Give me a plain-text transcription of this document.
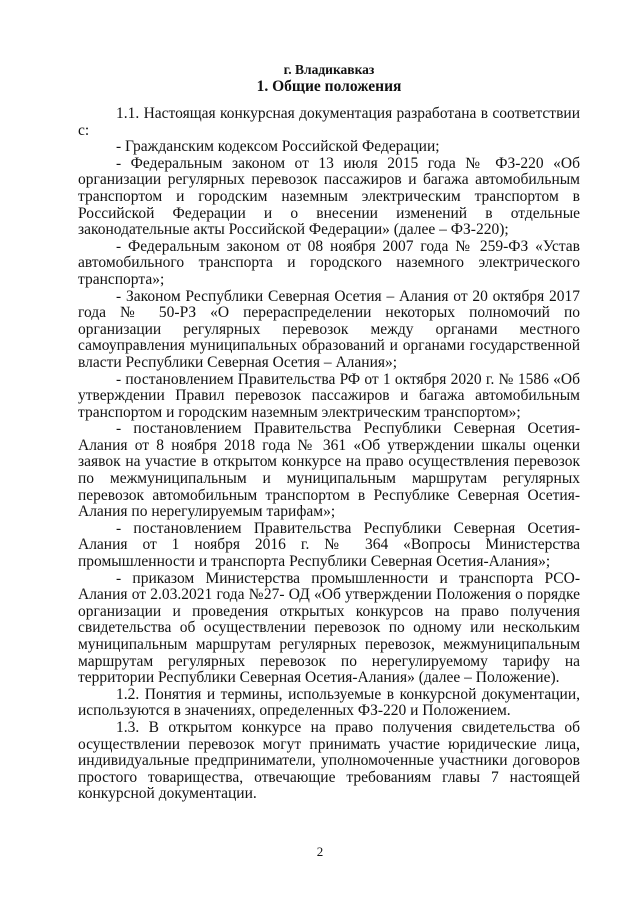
г. Владикавказ

1. Общие положения

1.1. Настоящая конкурсная документация разработана в соответствии с:

- Гражданским кодексом Российской Федерации;

- Федеральным законом от 13 июля 2015 года № ФЗ-220 «Об организации регулярных перевозок пассажиров и багажа автомобильным транспортом и городским наземным электрическим транспортом в Российской Федерации и о внесении изменений в отдельные законодательные акты Российской Федерации» (далее – ФЗ-220);

- Федеральным законом от 08 ноября 2007 года № 259-ФЗ «Устав автомобильного транспорта и городского наземного электрического транспорта»;

- Законом Республики Северная Осетия – Алания от 20 октября 2017 года № 50-РЗ «О перераспределении некоторых полномочий по организации регулярных перевозок между органами местного самоуправления муниципальных образований и органами государственной власти Республики Северная Осетия – Алания»;

- постановлением Правительства РФ от 1 октября 2020 г. № 1586 «Об утверждении Правил перевозок пассажиров и багажа автомобильным транспортом и городским наземным электрическим транспортом»;

- постановлением Правительства Республики Северная Осетия-Алания от 8 ноября 2018 года № 361 «Об утверждении шкалы оценки заявок на участие в открытом конкурсе на право осуществления перевозок по межмуниципальным и муниципальным маршрутам регулярных перевозок автомобильным транспортом в Республике Северная Осетия-Алания по нерегулируемым тарифам»;

- постановлением Правительства Республики Северная Осетия-Алания от 1 ноября 2016 г. № 364 «Вопросы Министерства промышленности и транспорта Республики Северная Осетия-Алания»;

- приказом Министерства промышленности и транспорта РСО-Алания от 2.03.2021 года №27- ОД «Об утверждении Положения о порядке организации и проведения открытых конкурсов на право получения свидетельства об осуществлении перевозок по одному или нескольким муниципальным маршрутам регулярных перевозок, межмуниципальным маршрутам регулярных перевозок по нерегулируемому тарифу на территории Республики Северная Осетия-Алания» (далее – Положение).

1.2. Понятия и термины, используемые в конкурсной документации, используются в значениях, определенных ФЗ-220 и Положением.

1.3. В открытом конкурсе на право получения свидетельства об осуществлении перевозок могут принимать участие юридические лица, индивидуальные предприниматели, уполномоченные участники договоров простого товарищества, отвечающие требованиям главы 7 настоящей конкурсной документации.

2
